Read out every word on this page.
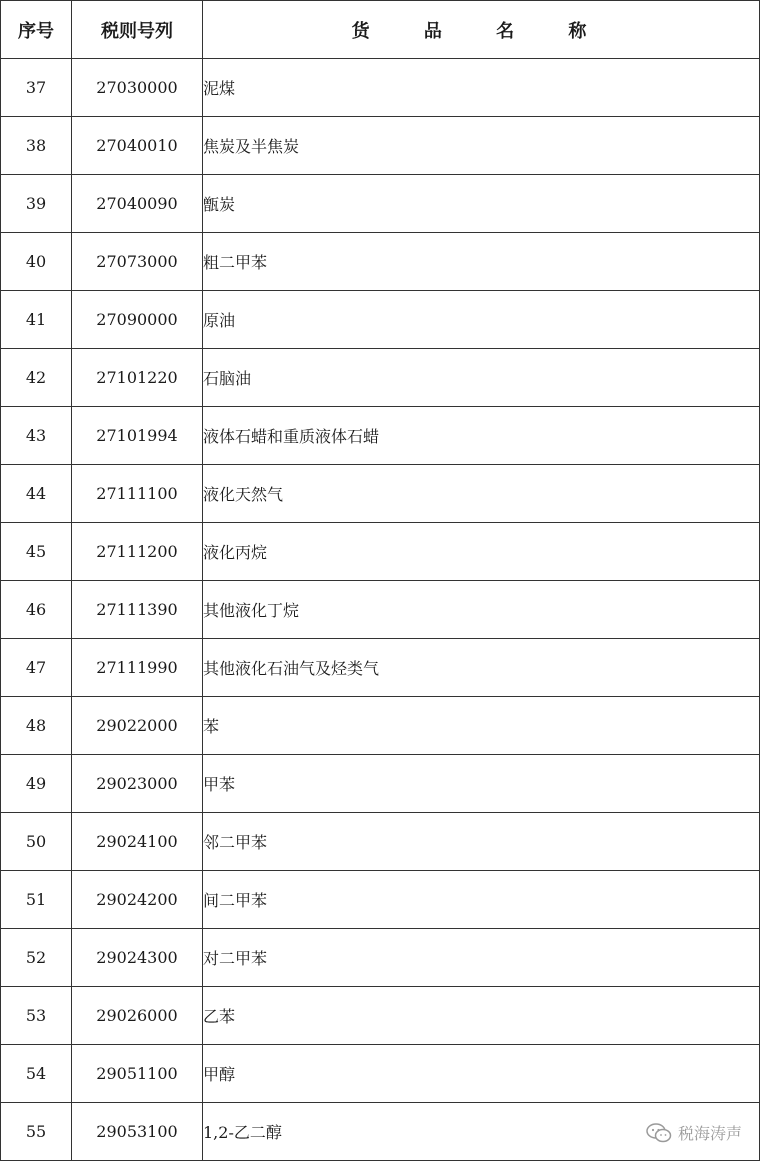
序号	税则号列	货 品 名 称
37	27030000	泥煤
38	27040010	焦炭及半焦炭
39	27040090	甑炭
40	27073000	粗二甲苯
41	27090000	原油
42	27101220	石脑油
43	27101994	液体石蜡和重质液体石蜡
44	27111100	液化天然气
45	27111200	液化丙烷
46	27111390	其他液化丁烷
47	27111990	其他液化石油气及烃类气
48	29022000	苯
49	29023000	甲苯
50	29024100	邻二甲苯
51	29024200	间二甲苯
52	29024300	对二甲苯
53	29026000	乙苯
54	29051100	甲醇
55	29053100	1,2-乙二醇	税海涛声
